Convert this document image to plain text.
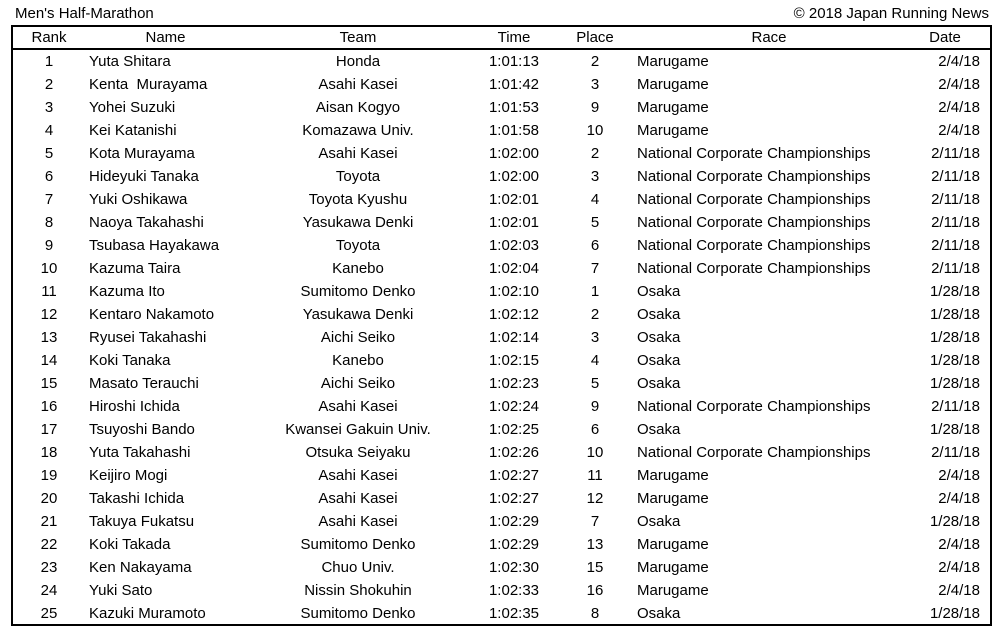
Men's Half-Marathon	© 2018 Japan Running News
Rank	Name	Team	Time	Place	Race	Date
1	Yuta Shitara	Honda	1:01:13	2	Marugame	2/4/18
2	Kenta  Murayama	Asahi Kasei	1:01:42	3	Marugame	2/4/18
3	Yohei Suzuki	Aisan Kogyo	1:01:53	9	Marugame	2/4/18
4	Kei Katanishi	Komazawa Univ.	1:01:58	10	Marugame	2/4/18
5	Kota Murayama	Asahi Kasei	1:02:00	2	National Corporate Championships	2/11/18
6	Hideyuki Tanaka	Toyota	1:02:00	3	National Corporate Championships	2/11/18
7	Yuki Oshikawa	Toyota Kyushu	1:02:01	4	National Corporate Championships	2/11/18
8	Naoya Takahashi	Yasukawa Denki	1:02:01	5	National Corporate Championships	2/11/18
9	Tsubasa Hayakawa	Toyota	1:02:03	6	National Corporate Championships	2/11/18
10	Kazuma Taira	Kanebo	1:02:04	7	National Corporate Championships	2/11/18
11	Kazuma Ito	Sumitomo Denko	1:02:10	1	Osaka	1/28/18
12	Kentaro Nakamoto	Yasukawa Denki	1:02:12	2	Osaka	1/28/18
13	Ryusei Takahashi	Aichi Seiko	1:02:14	3	Osaka	1/28/18
14	Koki Tanaka	Kanebo	1:02:15	4	Osaka	1/28/18
15	Masato Terauchi	Aichi Seiko	1:02:23	5	Osaka	1/28/18
16	Hiroshi Ichida	Asahi Kasei	1:02:24	9	National Corporate Championships	2/11/18
17	Tsuyoshi Bando	Kwansei Gakuin Univ.	1:02:25	6	Osaka	1/28/18
18	Yuta Takahashi	Otsuka Seiyaku	1:02:26	10	National Corporate Championships	2/11/18
19	Keijiro Mogi	Asahi Kasei	1:02:27	11	Marugame	2/4/18
20	Takashi Ichida	Asahi Kasei	1:02:27	12	Marugame	2/4/18
21	Takuya Fukatsu	Asahi Kasei	1:02:29	7	Osaka	1/28/18
22	Koki Takada	Sumitomo Denko	1:02:29	13	Marugame	2/4/18
23	Ken Nakayama	Chuo Univ.	1:02:30	15	Marugame	2/4/18
24	Yuki Sato	Nissin Shokuhin	1:02:33	16	Marugame	2/4/18
25	Kazuki Muramoto	Sumitomo Denko	1:02:35	8	Osaka	1/28/18
